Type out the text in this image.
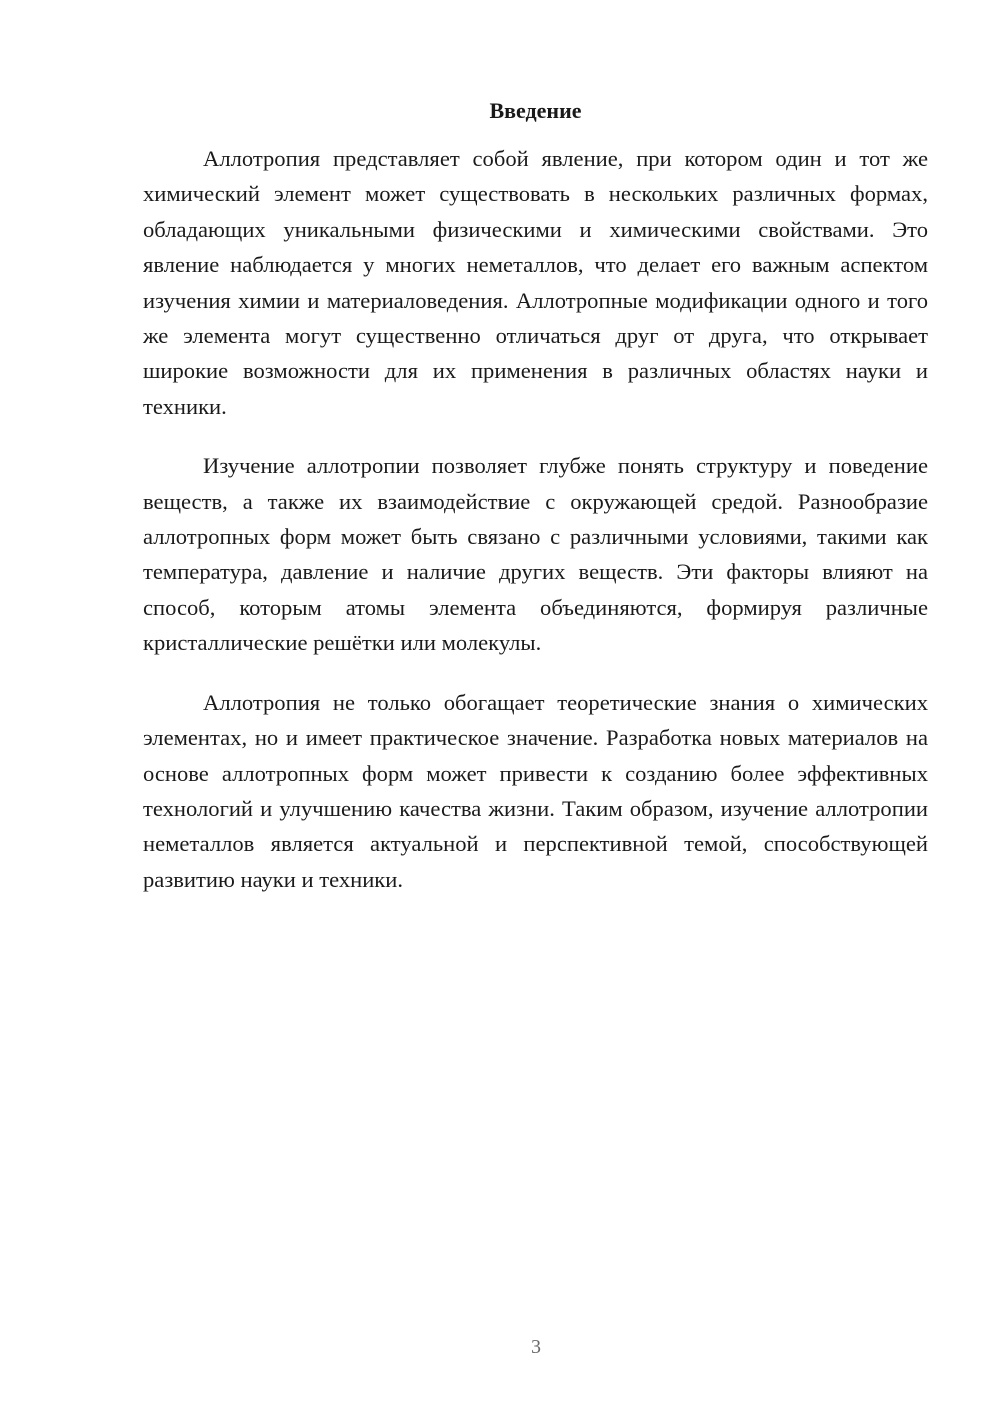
Введение

Аллотропия представляет собой явление, при котором один и тот же химический элемент может существовать в нескольких различных формах, обладающих уникальными физическими и химическими свойствами. Это явление наблюдается у многих неметаллов, что делает его важным аспектом изучения химии и материаловедения. Аллотропные модификации одного и того же элемента могут существенно отличаться друг от друга, что открывает широкие возможности для их применения в различных областях науки и техники.

Изучение аллотропии позволяет глубже понять структуру и поведение веществ, а также их взаимодействие с окружающей средой. Разнообразие аллотропных форм может быть связано с различными условиями, такими как температура, давление и наличие других веществ. Эти факторы влияют на способ, которым атомы элемента объединяются, формируя различные кристаллические решётки или молекулы.

Аллотропия не только обогащает теоретические знания о химических элементах, но и имеет практическое значение. Разработка новых материалов на основе аллотропных форм может привести к созданию более эффективных технологий и улучшению качества жизни. Таким образом, изучение аллотропии неметаллов является актуальной и перспективной темой, способствующей развитию науки и техники.

3
